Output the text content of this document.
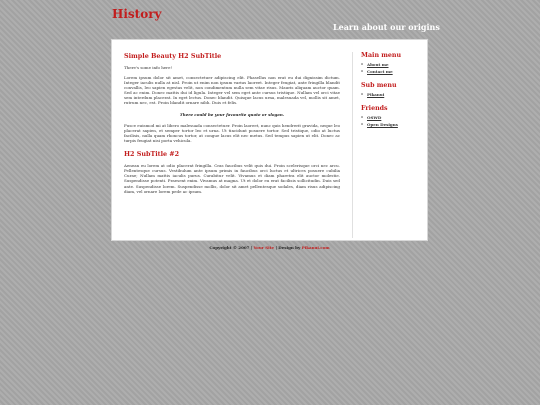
History
Learn about our origins
Simple Beauty H2 SubTitle

There's some info here!

Lorem ipsum dolor sit amet, consectetuer adipiscing elit. Phasellus non erat eu dui dignissim dictum. Integer iaculis nulla at nisl. Proin ut enim non ipsum varius laoreet. Integer feugiat, ante fringilla blandit convallis, leo sapien egestas velit, non condimentum nulla sem vitae risus. Mauris aliquam auctor quam. Sed ac enim. Donec mattis dui id ligula. Integer vel sem eget ante cursus tristique. Nullam vel orci vitae sem interdum placerat. In eget lectus. Donec blandit. Quisque lacus urna, malesuada vel, mollis sit amet, rutrum nec, est. Proin blandit ornare nibh. Duis et felis.

There could be your favourite quote or slogan.

Fusce euismod mi at libero malesuada consectetuer. Proin laoreet, nunc quis hendrerit gravida, neque leo placerat sapien, et semper tortor leo et urna. Ut tincidunt posuere tortor. Sed tristique, odio at luctus facilisis, nulla quam rhoncus tortor, at congue lacus elit nec metus. Sed tempus sapien ut elit. Donec ac turpis feugiat nisi porta vehicula.

H2 SubTitle #2

Aenean eu lorem at odio placerat fringilla. Cras faucibus velit quis dui. Proin scelerisque orci nec arcu. Pellentesque cursus. Vestibulum ante ipsum primis in faucibus orci luctus et ultrices posuere cubilia Curae; Nullam mattis iaculis purus. Curabitur velit. Vivamus et diam pharetra elit auctor molestie. Suspendisse potenti. Praesent enim. Vivamus at magna. Ut et dolor eu erat facilisis sollicitudin. Duis sed ante. Suspendisse lorem. Suspendisse mollis, dolor sit amet pellentesque sodales, diam risus adipiscing diam, vel ornare lorem pede ac ipsum.

Main menu
o About me
o Contact me
Sub menu
o Pikanui
Friends
o OSWD
o Open Designs
Copyright © 2007 | Your Site | Design by Pikanui.com
